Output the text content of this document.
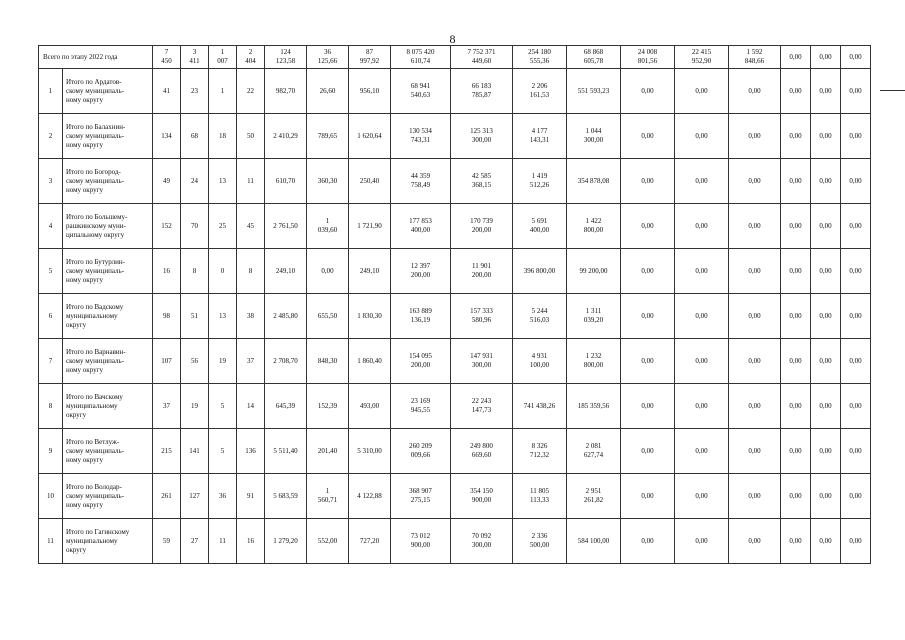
8
Всего по этапу 2022 года		7
450	3
411	1
007	2
404	124
123,58	36
125,66	87
997,92	8 075 420
610,74	7 752 371
449,60	254 180
555,36	68 868
605,78	24 008
801,56	22 415
952,90	1 592
848,66	0,00	0,00	0,00
1	Итого по Ардатов-
скому муниципаль-
ному округу	41	23	1	22	982,70	26,60	956,10	68 941
540,63	66 183
785,87	2 206
161,53	551 593,23	0,00	0,00	0,00	0,00	0,00	0,00
2	Итого по Балахнин-
скому муниципаль-
ному округу	134	68	18	50	2 410,29	789,65	1 620,64	130 534
743,31	125 313
300,00	4 177
143,31	1 044
300,00	0,00	0,00	0,00	0,00	0,00	0,00
3	Итого по Богород-
скому муниципаль-
ному округу	49	24	13	11	610,70	360,30	250,40	44 359
758,49	42 585
368,15	1 419
512,26	354 878,08	0,00	0,00	0,00	0,00	0,00	0,00
4	Итого по Большему-
рашкинскому муни-
ципальному округу	152	70	25	45	2 761,50	1
039,60	1 721,90	177 853
400,00	170 739
200,00	5 691
400,00	1 422
800,00	0,00	0,00	0,00	0,00	0,00	0,00
5	Итого по Бутурлин-
скому муниципаль-
ному округу	16	8	0	8	249,10	0,00	249,10	12 397
200,00	11 901
200,00	396 800,00	99 200,00	0,00	0,00	0,00	0,00	0,00	0,00
6	Итого по Вадскому
муниципальному
округу	98	51	13	38	2 485,80	655,50	1 830,30	163 889
136,19	157 333
580,96	5 244
516,03	1 311
039,20	0,00	0,00	0,00	0,00	0,00	0,00
7	Итого по Варнавин-
скому муниципаль-
ному округу	107	56	19	37	2 708,70	848,30	1 860,40	154 095
200,00	147 931
300,00	4 931
100,00	1 232
800,00	0,00	0,00	0,00	0,00	0,00	0,00
8	Итого по Вачскому
муниципальному
округу	37	19	5	14	645,39	152,39	493,00	23 169
945,55	22 243
147,73	741 438,26	185 359,56	0,00	0,00	0,00	0,00	0,00	0,00
9	Итого по Ветлуж-
скому муниципаль-
ному округу	215	141	5	136	5 511,40	201,40	5 310,00	260 209
009,66	249 800
669,60	8 326
712,32	2 081
627,74	0,00	0,00	0,00	0,00	0,00	0,00
10	Итого по Володар-
скому муниципаль-
ному округу	261	127	36	91	5 683,59	1
560,71	4 122,88	368 907
275,15	354 150
900,00	11 805
113,33	2 951
261,82	0,00	0,00	0,00	0,00	0,00	0,00
11	Итого по Гагинскому
муниципальному
округу	59	27	11	16	1 279,20	552,00	727,20	73 012
900,00	70 092
300,00	2 336
500,00	584 100,00	0,00	0,00	0,00	0,00	0,00	0,00
